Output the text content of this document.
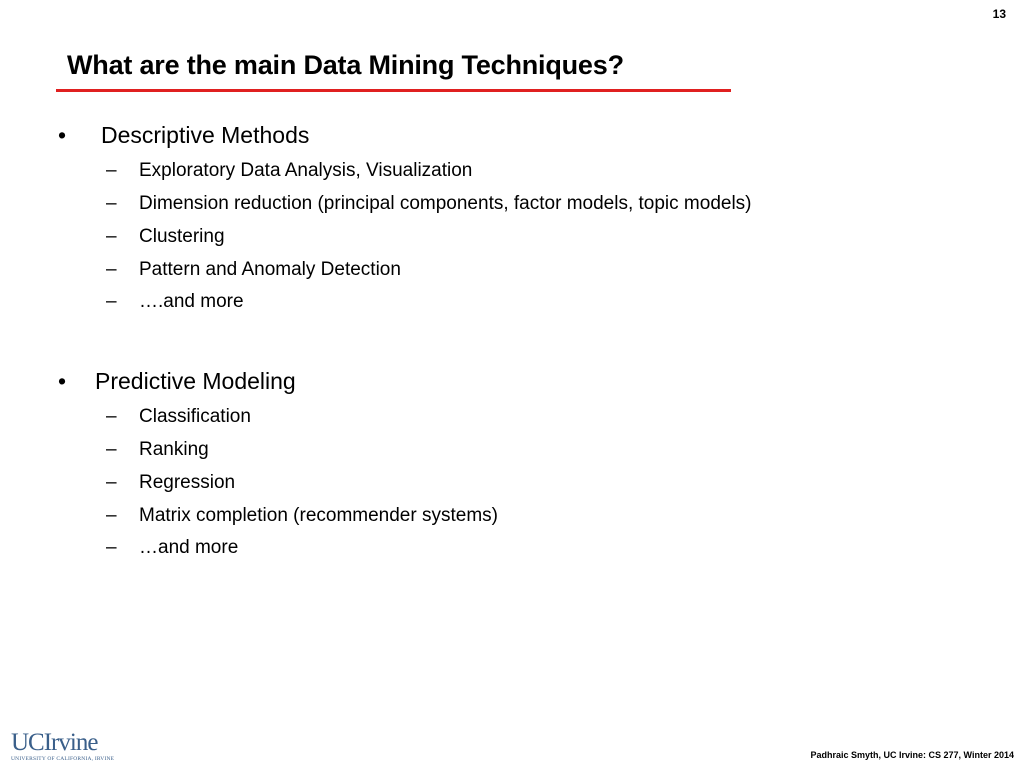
13
What are the main Data Mining Techniques?
• Descriptive Methods
– Exploratory Data Analysis, Visualization
– Dimension reduction (principal components, factor models, topic models)
– Clustering
– Pattern and Anomaly Detection
– ….and more
• Predictive Modeling
– Classification
– Ranking
– Regression
– Matrix completion (recommender systems)
– …and more
UCIrvine
UNIVERSITY OF CALIFORNIA, IRVINE	Padhraic Smyth, UC Irvine: CS 277, Winter 2014
